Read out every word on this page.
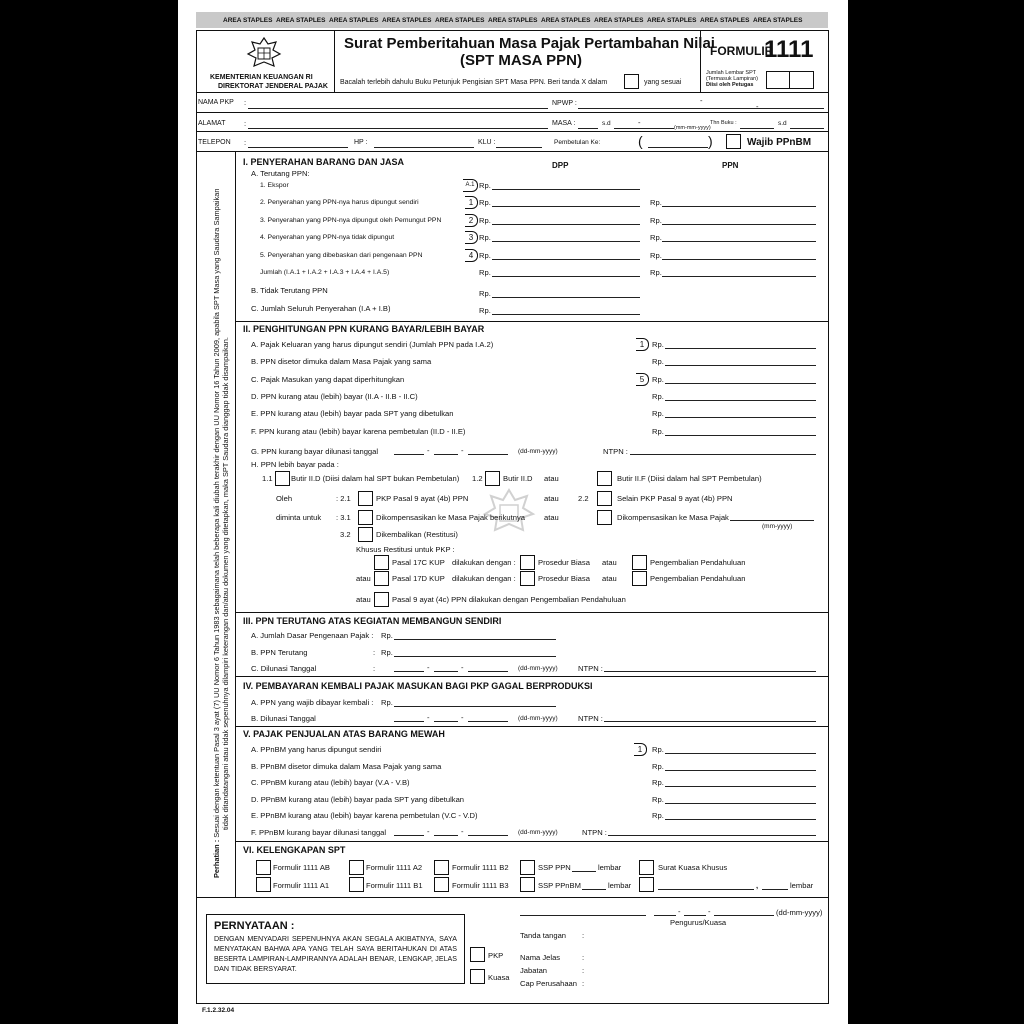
KEMENTERIAN KEUANGAN RI
DIREKTORAT JENDERAL PAJAK
Surat Pemberitahuan Masa Pajak Pertambahan Nilai
(SPT MASA PPN)
Bacalah terlebih dahulu Buku Petunjuk Pengisian SPT Masa PPN. Beri tanda X dalam	yang sesuai
FORMULIR
1111
Jumlah Lembar SPT
(Termasuk Lampiran)
Diisi oleh Petugas
NAMA PKP :	NPWP :	-
-
ALAMAT :	MASA :	s.d	-
(mm-mm-yyyy)
Thn Buku :	s.d
TELEPON :	HP :	KLU :	Pembetulan Ke:	(	)	Wajib PPnBM
Perhatian : Sesuai dengan ketentuan Pasal 3 ayat (7) UU Nomor 6 Tahun 1983 sebagaimana telah beberapa kali diubah terakhir dengan UU Nomor 16 Tahun 2009, apabila SPT Masa yang Saudara Sampaikan tidak ditandatangani atau tidak sepenuhnya dilampiri keterangan dan/atau dokumen yang ditetapkan, maka SPT Saudara dianggap tidak disampaikan.
I. PENYERAHAN BARANG DAN JASA	DPP	PPN
A. Terutang PPN:
B. Tidak Terutang PPN	Rp.
C. Jumlah Seluruh Penyerahan (I.A + I.B)	Rp.
II. PENGHITUNGAN PPN KURANG BAYAR/LEBIH BAYAR
G. PPN kurang bayar dilunasi tanggal	-	-	(dd-mm-yyyy)	NTPN :
H. PPN lebih bayar pada :
1.1 Butir II.D (Diisi dalam hal SPT bukan Pembetulan) 1.2	Butir II.D atau	Butir II.F (Diisi dalam hal SPT Pembetulan)
Oleh	: 2.1	PKP Pasal 9 ayat (4b) PPN	atau	2.2	Selain PKP Pasal 9 ayat (4b) PPN
diminta untuk : 3.1	Dikompensasikan ke Masa Pajak berikutnya	atau	Dikompensasikan ke Masa Pajak
(mm-yyyy)
3.2	Dikembalikan (Restitusi)
Khusus Restitusi untuk PKP :
Pasal 17C KUP dilakukan dengan :	Prosedur Biasa atau	Pengembalian Pendahuluan
atau	Pasal 17D KUP dilakukan dengan :	Prosedur Biasa atau	Pengembalian Pendahuluan
atau	Pasal 9 ayat (4c) PPN dilakukan dengan Pengembalian Pendahuluan
III. PPN TERUTANG ATAS KEGIATAN MEMBANGUN SENDIRI
A. Jumlah Dasar Pengenaan Pajak : Rp.
B. PPN Terutang	: Rp.
C. Dilunasi Tanggal	:	-	-	(dd-mm-yyyy)	NTPN :
IV. PEMBAYARAN KEMBALI PAJAK MASUKAN BAGI PKP GAGAL BERPRODUKSI
A. PPN yang wajib dibayar kembali : Rp.
B. Dilunasi Tanggal	-	-	(dd-mm-yyyy)	NTPN :
V. PAJAK PENJUALAN ATAS BARANG MEWAH
F. PPnBM kurang bayar dilunasi tanggal	-	-	(dd-mm-yyyy)	NTPN :
VI. KELENGKAPAN SPT
Formulir 1111 AB	Formulir 1111 A2	Formulir 1111 B2	SSP PPN	lembar	Surat Kuasa Khusus
Formulir 1111 A1	Formulir 1111 B1	Formulir 1111 B3	SSP PPnBM	lembar	,	lembar
PERNYATAAN :
DENGAN MENYADARI SEPENUHNYA AKAN SEGALA AKIBATNYA, SAYA MENYATAKAN BAHWA APA YANG TELAH SAYA BERITAHUKAN DI ATAS BESERTA LAMPIRAN-LAMPIRANNYA ADALAH BENAR, LENGKAP, JELAS DAN TIDAK BERSYARAT.
PKP
Kuasa
-	-	(dd-mm-yyyy)
Pengurus/Kuasa
Tanda tangan :
Nama Jelas	:
Jabatan	:
Cap Perusahaan :
F.1.2.32.04
AREA STAPLES AREA STAPLES AREA STAPLES AREA STAPLES AREA STAPLES AREA STAPLES AREA STAPLES AREA STAPLES AREA STAPLES AREA STAPLES AREA STAPLES
1. Ekspor	A.1 Rp.
2. Penyerahan yang PPN-nya harus dipungut sendiri	1 Rp.	Rp.
3. Penyerahan yang PPN-nya dipungut oleh Pemungut PPN	2 Rp.	Rp.
4. Penyerahan yang PPN-nya tidak dipungut	3 Rp.	Rp.
5. Penyerahan yang dibebaskan dari pengenaan PPN	4 Rp.	Rp.
Jumlah (I.A.1 + I.A.2 + I.A.3 + I.A.4 + I.A.5)	Rp.	Rp.
A. Pajak Keluaran yang harus dipungut sendiri (Jumlah PPN pada I.A.2)	1	Rp.
B. PPN disetor dimuka dalam Masa Pajak yang sama	Rp.
C. Pajak Masukan yang dapat diperhitungkan	5	Rp.
D. PPN kurang atau (lebih) bayar (II.A - II.B - II.C)	Rp.
E. PPN kurang atau (lebih) bayar pada SPT yang dibetulkan	Rp.
F. PPN kurang atau (lebih) bayar karena pembetulan (II.D - II.E)	Rp.
A. PPnBM yang harus dipungut sendiri	1	Rp.
B. PPnBM disetor dimuka dalam Masa Pajak yang sama	Rp.
C. PPnBM kurang atau (lebih) bayar (V.A - V.B)	Rp.
D. PPnBM kurang atau (lebih) bayar pada SPT yang dibetulkan	Rp.
E. PPnBM kurang atau (lebih) bayar karena pembetulan (V.C - V.D)	Rp.
